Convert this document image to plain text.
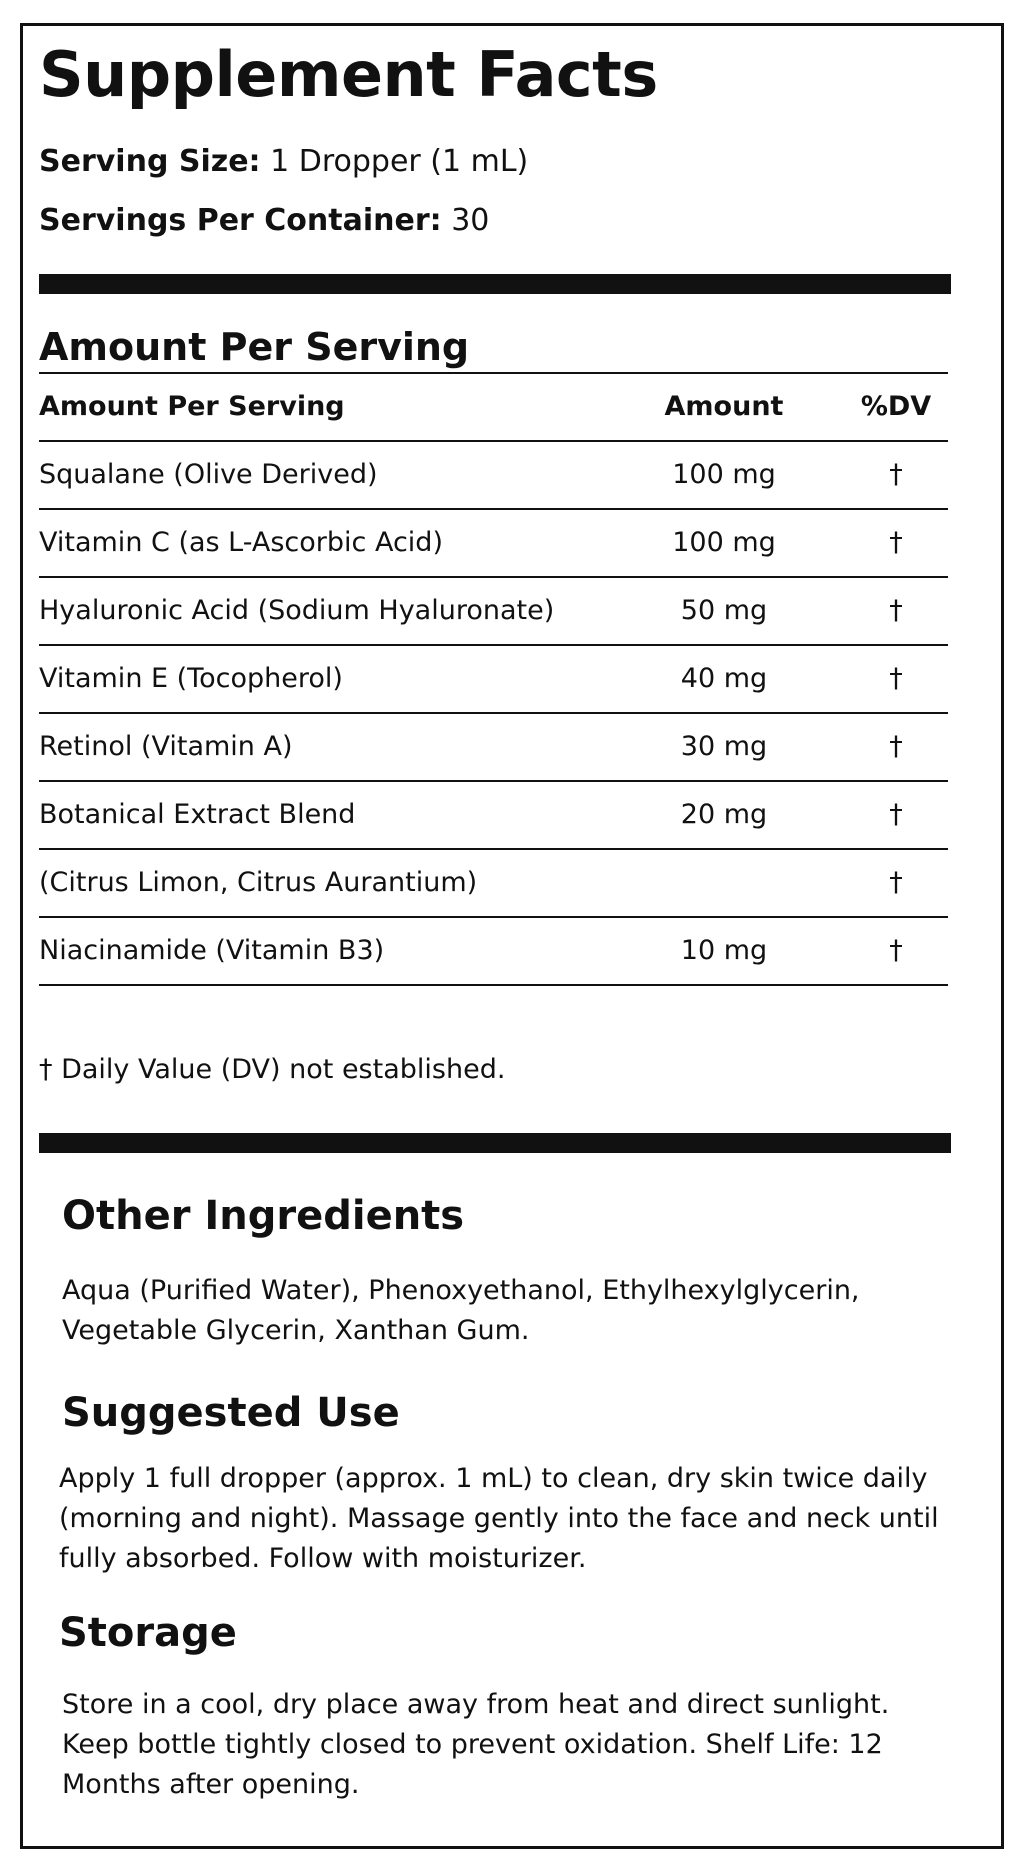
Supplement Facts
Serving Size: 1 Dropper (1 mL)
Servings Per Container: 30
Amount Per Serving
Amount Per Serving	Amount	%DV
Squalane (Olive Derived)	100 mg	†
Vitamin C (as L-Ascorbic Acid)	100 mg	†
Hyaluronic Acid (Sodium Hyaluronate)	50 mg	†
Vitamin E (Tocopherol)	40 mg	†
Retinol (Vitamin A)	30 mg	†
Botanical Extract Blend	20 mg	†
(Citrus Limon, Citrus Aurantium)		†
Niacinamide (Vitamin B3)	10 mg	†
† Daily Value (DV) not established.
Other Ingredients

Aqua (Purified Water), Phenoxyethanol, Ethylhexylglycerin, Vegetable Glycerin, Xanthan Gum.

Suggested Use

Apply 1 full dropper (approx. 1 mL) to clean, dry skin twice daily (morning and night). Massage gently into the face and neck until fully absorbed. Follow with moisturizer.

Storage

Store in a cool, dry place away from heat and direct sunlight. Keep bottle tightly closed to prevent oxidation. Shelf Life: 12 Months after opening.
